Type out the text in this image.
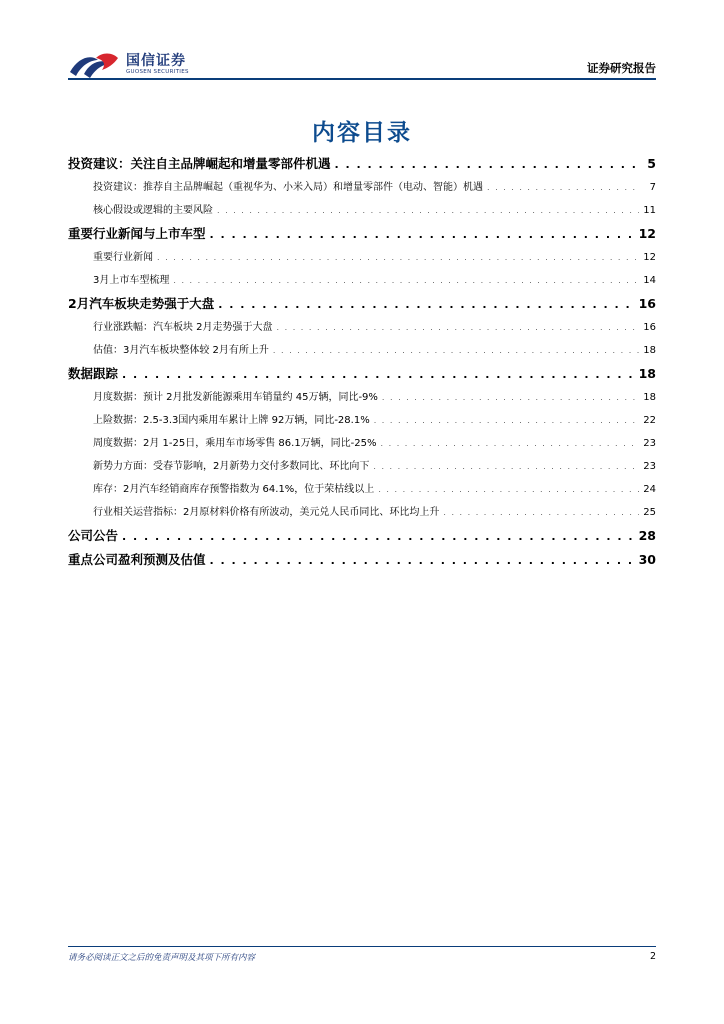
国信证券
GUOSEN SECURITIES	证券研究报告
内容目录
投资建议：关注自主品牌崛起和增量零部件机遇 . . .	5
投资建议：推荐自主品牌崛起（重视华为、小米入局）和增量零部件（电动、智能）机遇 . . .	7
核心假设或逻辑的主要风险 . . .	11
重要行业新闻与上市车型 . . .	12
重要行业新闻 . . .	12
3月上市车型梳理 . . .	14
2月汽车板块走势强于大盘 . . .	16
行业涨跌幅：汽车板块 2月走势强于大盘 . . .	16
估值：3月汽车板块整体较 2月有所上升 . . .	18
数据跟踪 . . .	18
月度数据：预计 2月批发新能源乘用车销量约 45万辆，同比-9% . . .	18
上险数据：2.5-3.3国内乘用车累计上牌 92万辆，同比-28.1% . . .	22
周度数据：2月 1-25日，乘用车市场零售 86.1万辆，同比-25% . . .	23
新势力方面：受春节影响，2月新势力交付多数同比、环比向下 . . .	23
库存：2月汽车经销商库存预警指数为 64.1%，位于荣枯线以上 . . .	24
行业相关运营指标：2月原材料价格有所波动，美元兑人民币同比、环比均上升 . . .	25
公司公告 . . .	28
重点公司盈利预测及估值 . . .	30
请务必阅读正文之后的免责声明及其项下所有内容	2
